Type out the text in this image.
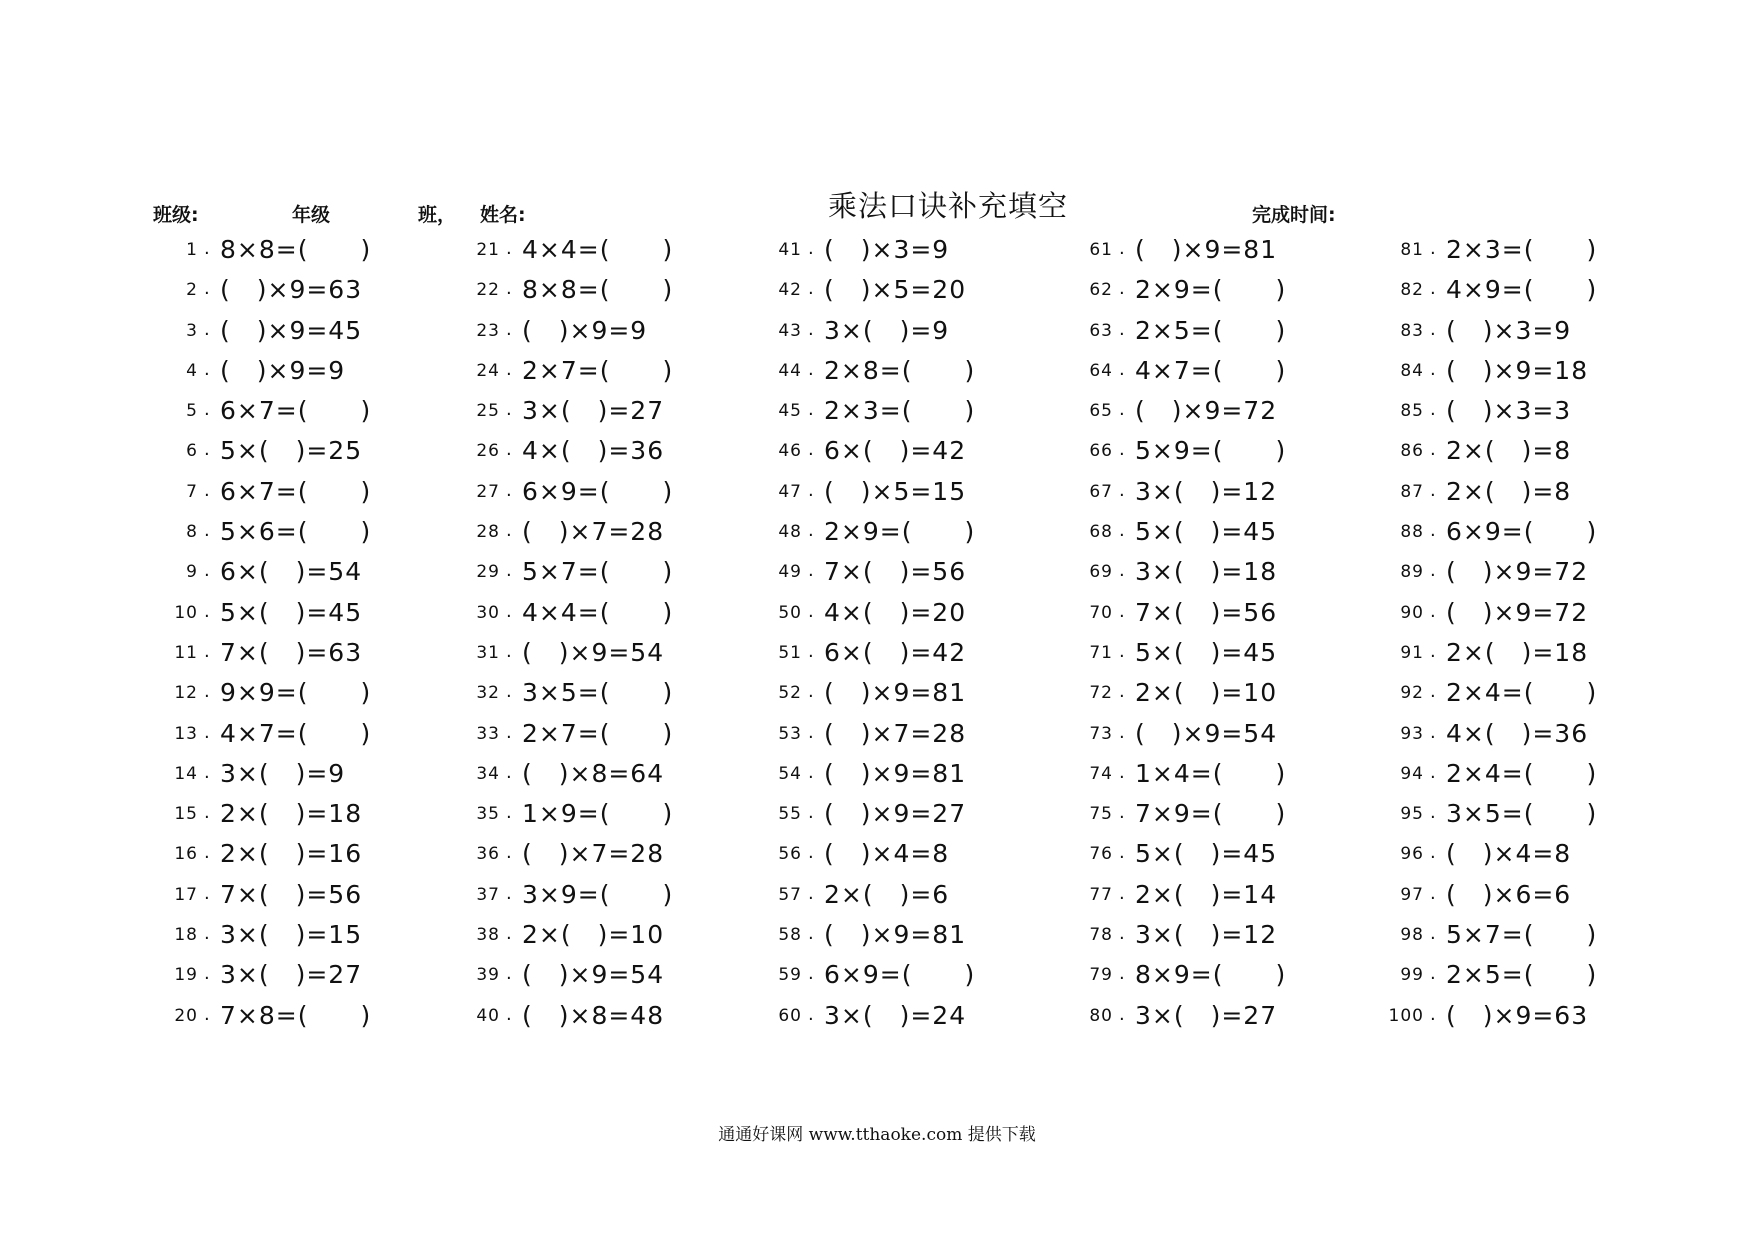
班级:	年级	班， 姓名:	乘法口诀补充填空	完成时间:
1 . 8×8=(　　)
2 . (　)×9=63
3 . (　)×9=45
4 . (　)×9=9
5 . 6×7=(　　)
6 . 5×(　)=25
7 . 6×7=(　　)
8 . 5×6=(　　)
9 . 6×(　)=54
10 . 5×(　)=45
11 . 7×(　)=63
12 . 9×9=(　　)
13 . 4×7=(　　)
14 . 3×(　)=9
15 . 2×(　)=18
16 . 2×(　)=16
17 . 7×(　)=56
18 . 3×(　)=15
19 . 3×(　)=27
20 . 7×8=(　　)
21 . 4×4=(　　)
22 . 8×8=(　　)
23 . (　)×9=9
24 . 2×7=(　　)
25 . 3×(　)=27
26 . 4×(　)=36
27 . 6×9=(　　)
28 . (　)×7=28
29 . 5×7=(　　)
30 . 4×4=(　　)
31 . (　)×9=54
32 . 3×5=(　　)
33 . 2×7=(　　)
34 . (　)×8=64
35 . 1×9=(　　)
36 . (　)×7=28
37 . 3×9=(　　)
38 . 2×(　)=10
39 . (　)×9=54
40 . (　)×8=48
41 . (　)×3=9
42 . (　)×5=20
43 . 3×(　)=9
44 . 2×8=(　　)
45 . 2×3=(　　)
46 . 6×(　)=42
47 . (　)×5=15
48 . 2×9=(　　)
49 . 7×(　)=56
50 . 4×(　)=20
51 . 6×(　)=42
52 . (　)×9=81
53 . (　)×7=28
54 . (　)×9=81
55 . (　)×9=27
56 . (　)×4=8
57 . 2×(　)=6
58 . (　)×9=81
59 . 6×9=(　　)
60 . 3×(　)=24
61 . (　)×9=81
62 . 2×9=(　　)
63 . 2×5=(　　)
64 . 4×7=(　　)
65 . (　)×9=72
66 . 5×9=(　　)
67 . 3×(　)=12
68 . 5×(　)=45
69 . 3×(　)=18
70 . 7×(　)=56
71 . 5×(　)=45
72 . 2×(　)=10
73 . (　)×9=54
74 . 1×4=(　　)
75 . 7×9=(　　)
76 . 5×(　)=45
77 . 2×(　)=14
78 . 3×(　)=12
79 . 8×9=(　　)
80 . 3×(　)=27
81 . 2×3=(　　)
82 . 4×9=(　　)
83 . (　)×3=9
84 . (　)×9=18
85 . (　)×3=3
86 . 2×(　)=8
87 . 2×(　)=8
88 . 6×9=(　　)
89 . (　)×9=72
90 . (　)×9=72
91 . 2×(　)=18
92 . 2×4=(　　)
93 . 4×(　)=36
94 . 2×4=(　　)
95 . 3×5=(　　)
96 . (　)×4=8
97 . (　)×6=6
98 . 5×7=(　　)
99 . 2×5=(　　)
100 . (　)×9=63
通通好课网 www.tthaoke.com 提供下载
